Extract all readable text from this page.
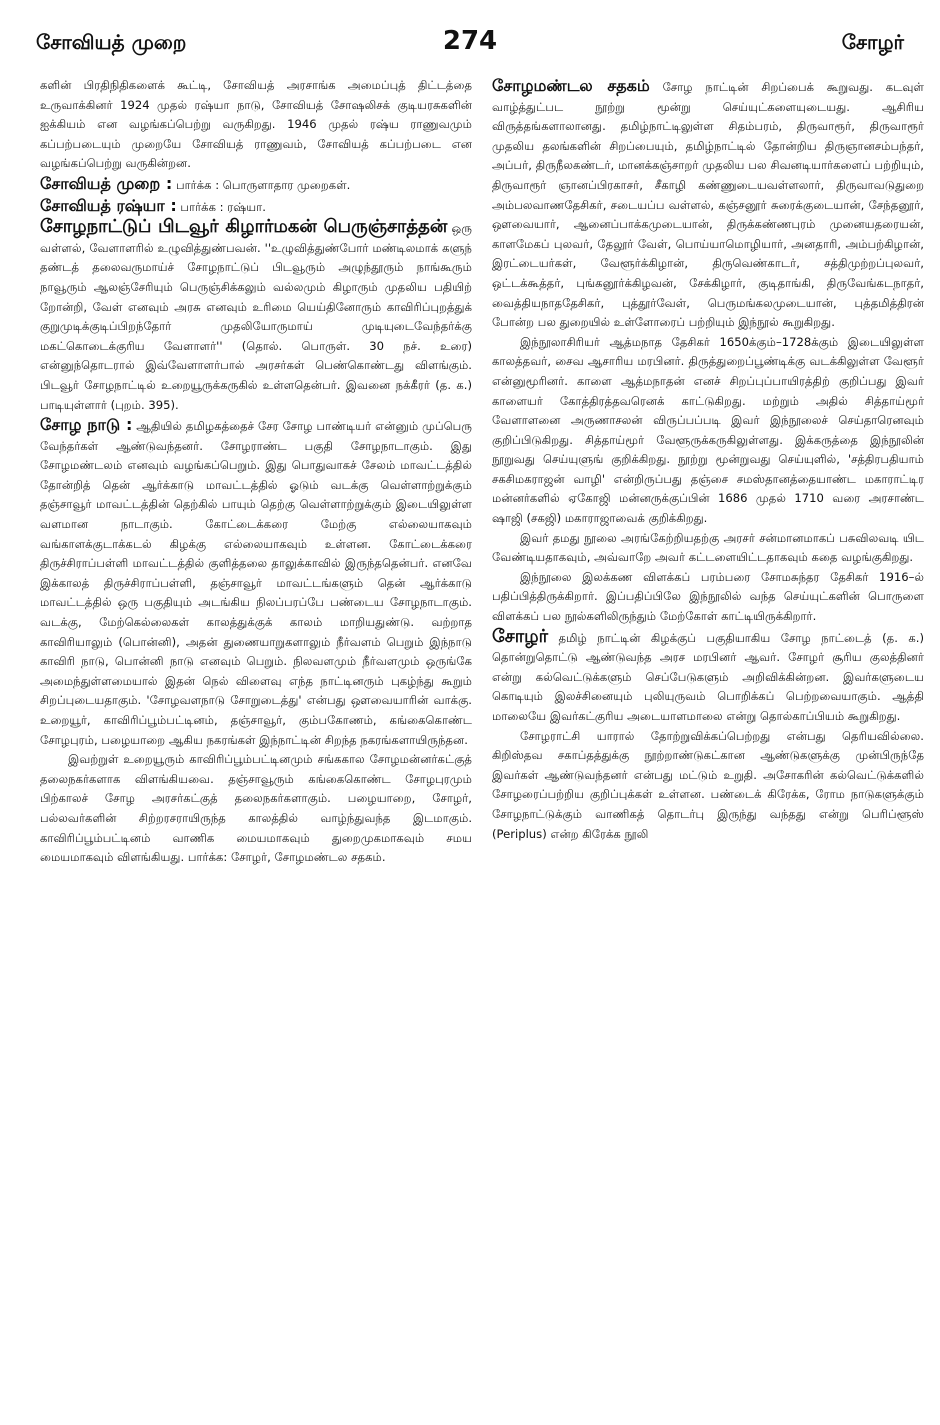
சோவியத் முறை	274	சோழர்

களின் பிரதிநிதிகளைக் கூட்டி, சோவியத் அரசாங்க அமைப்புத் திட்டத்தை உருவாக்கினர் 1924 முதல் ரஷ்யா நாடு, சோவியத் சோஷலிசக் குடியரசுகளின் ஐக்கியம் என வழங்கப்பெற்று வருகிறது. 1946 முதல் ரஷ்ய ராணுவமும் கப்பற்படையும் முறையே சோவியத் ராணுவம், சோவியத் கப்பற்படை என வழங்கப்பெற்று வருகின்றன.

சோவியத் முறை : பார்க்க : பொருளாதார முறைகள்.

சோவியத் ரஷ்யா : பார்க்க : ரஷ்யா.

சோழநாட்டுப் பிடவூர் கிழார்மகன் பெருஞ்சாத்தன் ஒரு வள்ளல், வேளாளரில் உழுவித்துண்பவன். ''உழுவித்துண்போர் மண்டிலமாக் களுந் தண்டத் தலைவருமாய்ச் சோழநாட்டுப் பிடவூரும் அழுந்தூரும் நாங்கூரும் நாவூரும் ஆலஞ்சேரியும் பெருஞ்சிக்கலும் வல்லமும் கிழாரும் முதலிய பதியிற் றோன்றி, வேள் எனவும் அரசு எனவும் உரிமை யெய்தினோரும் காவிரிப்புறத்துக் குறுமுடிக்குடிப்பிறந்தோர் முதலியோருமாய் முடியுடைவேந்தர்க்கு மகட்கொடைக்குரிய வேளாளர்'' (தொல். பொருள். 30 நச். உரை) என்னுந்தொடரால் இவ்வேளாளர்பால் அரசர்கள் பெண்கொண்டது விளங்கும். பிடவூர் சோழநாட்டில் உறையூருக்கருகில் உள்ளதென்பர். இவனை நக்கீரர் (த. க.) பாடியுள்ளார் (புறம். 395).

சோழ நாடு : ஆதியில் தமிழகத்தைச் சேர சோழ பாண்டியர் என்னும் முப்பெரு வேந்தர்கள் ஆண்டுவந்தனர். சோழராண்ட பகுதி சோழநாடாகும். இது சோழமண்டலம் எனவும் வழங்கப்பெறும். இது பொதுவாகச் சேலம் மாவட்டத்தில் தோன்றித் தென் ஆர்க்காடு மாவட்டத்தில் ஓடும் வடக்கு வெள்ளாற்றுக்கும் தஞ்சாவூர் மாவட்டத்தின் தெற்கில் பாயும் தெற்கு வெள்ளாற்றுக்கும் இடையிலுள்ள வளமான நாடாகும். கோட்டைக்கரை மேற்கு எல்லையாகவும் வங்காளக்குடாக்கடல் கிழக்கு எல்லையாகவும் உள்ளன. கோட்டைக்கரை திருச்சிராப்பள்ளி மாவட்டத்தில் குளித்தலை தாலுக்காவில் இருந்ததென்பர். எனவே இக்காலத் திருச்சிராப்பள்ளி, தஞ்சாவூர் மாவட்டங்களும் தென் ஆர்க்காடு மாவட்டத்தில் ஒரு பகுதியும் அடங்கிய நிலப்பரப்பே பண்டைய சோழநாடாகும். வடக்கு, மேற்கெல்லைகள் காலத்துக்குக் காலம் மாறியதுண்டு. வற்றாத காவிரியாலும் (பொன்னி), அதன் துணையாறுகளாலும் நீர்வளம் பெறும் இந்நாடு காவிரி நாடு, பொன்னி நாடு எனவும் பெறும். நிலவளமும் நீர்வளமும் ஒருங்கே அமைந்துள்ளமையால் இதன் நெல் விளைவு எந்த நாட்டினரும் புகழ்ந்து கூறும் சிறப்புடையதாகும். 'சோழவளநாடு சோறுடைத்து' என்பது ஔவையாரின் வாக்கு. உறையூர், காவிரிப்பூம்பட்டினம், தஞ்சாவூர், கும்பகோணம், கங்கைகொண்ட சோழபுரம், பழையாறை ஆகிய நகரங்கள் இந்நாட்டின் சிறந்த நகரங்களாயிருந்தன.

இவற்றுள் உறையூரும் காவிரிப்பூம்பட்டினமும் சங்ககால சோழமன்னர்கட்குத் தலைநகர்களாக விளங்கியவை. தஞ்சாவூரும் கங்கைகொண்ட சோழபுரமும் பிற்காலச் சோழ அரசர்கட்குத் தலைநகர்களாகும். பழையாறை, சோழர், பல்லவர்களின் சிற்றரசராயிருந்த காலத்தில் வாழ்ந்துவந்த இடமாகும். காவிரிப்பூம்பட்டினம் வாணிக மையமாகவும் துறைமுகமாகவும் சமய மையமாகவும் விளங்கியது. பார்க்க: சோழர், சோழமண்டல சதகம்.

சோழமண்டல சதகம் சோழ நாட்டின் சிறப்பைக் கூறுவது. கடவுள் வாழ்த்துட்பட நூற்று மூன்று செய்யுட்களையுடையது. ஆசிரிய விருத்தங்களாலானது. தமிழ்நாட்டிலுள்ள சிதம்பரம், திருவாரூர், திருவாரூர் முதலிய தலங்களின் சிறப்பையும், தமிழ்நாட்டில் தோன்றிய திருஞானசம்பந்தர், அப்பர், திருநீலகண்டர், மானக்கஞ்சாறர் முதலிய பல சிவனடியார்களைப் பற்றியும், திருவாரூர் ஞானப்பிரகாசர், சீகாழி கண்ணுடையவள்ளலார், திருவாவடுதுறை அம்பலவாணதேசிகர், சடையப்ப வள்ளல், கஞ்சனூர் சுரைக்குடையான், சேந்தனூர், ஔவையார், ஆனைப்பாக்கமுடையான், திருக்கண்ணபுரம் முனையதரையன், காளமேகப் புலவர், தேலூர் வேள், பொய்யாமொழியார், அனதாரி, அம்பற்கிழான், இரட்டையர்கள், வேளூர்க்கிழான், திருவெண்காடர், சத்திமுற்றப்புலவர், ஒட்டக்கூத்தர், புங்கனூர்க்கிழவன், சேக்கிழார், குடிதாங்கி, திருவேங்கடநாதர், வைத்தியநாததேசிகர், புத்தூர்வேள், பெருமங்கலமுடையான், புத்தமித்திரன் போன்ற பல துறையில் உள்ளோரைப் பற்றியும் இந்நூல் கூறுகிறது.

இந்நூலாசிரியர் ஆத்மநாத தேசிகர் 1650க்கும்–1728க்கும் இடையிலுள்ள காலத்தவர், சைவ ஆசாரிய மரபினர். திருத்துறைப்பூண்டிக்கு வடக்கிலுள்ள வேளூர் என்னுமூரினர். காளை ஆத்மநாதன் எனச் சிறப்புப்பாயிரத்திற் குறிப்பது இவர் காளையர் கோத்திரத்தவரெனக் காட்டுகிறது. மற்றும் அதில் சித்தாய்மூர் வேளாளனை அருணாசலன் விருப்பப்படி இவர் இந்நூலைச் செய்தாரெனவும் குறிப்பிடுகிறது. சித்தாய்மூர் வேளூருக்கருகிலுள்ளது. இக்கருத்தை இந்நூலின் நூறுவது செய்யுளுங் குறிக்கிறது. நூற்று மூன்றுவது செய்யுளில், 'சத்திரபதியாம் சகசிமகராஜன் வாழி' என்றிருப்பது தஞ்சை சமஸ்தானத்தையாண்ட மகாராட்டிர மன்னர்களில் ஏகோஜி மன்னருக்குப்பின் 1686 முதல் 1710 வரை அரசாண்ட ஷாஜி (சகஜி) மகாராஜாவைக் குறிக்கிறது.

இவர் தமது நூலை அரங்கேற்றியதற்கு அரசர் சன்மானமாகப் பசுவிலவடி யிட வேண்டியதாகவும், அவ்வாறே அவர் கட்டளையிட்டதாகவும் கதை வழங்குகிறது.

இந்நூலை இலக்கண விளக்கப் பரம்பரை சோமசுந்தர தேசிகர் 1916–ல் பதிப்பித்திருக்கிறார். இப்பதிப்பிலே இந்நூலில் வந்த செய்யுட்களின் பொருளை விளக்கப் பல நூல்களிலிருந்தும் மேற்கோள் காட்டியிருக்கிறார்.

சோழர் தமிழ் நாட்டின் கிழக்குப் பகுதியாகிய சோழ நாட்டைத் (த. க.) தொன்றுதொட்டு ஆண்டுவந்த அரச மரபினர் ஆவர். சோழர் சூரிய குலத்தினர் என்று கல்வெட்டுக்களும் செப்பேடுகளும் அறிவிக்கின்றன. இவர்களுடைய கொடியும் இலச்சினையும் புலியுருவம் பொறிக்கப் பெற்றவையாகும். ஆத்தி மாலையே இவர்கட்குரிய அடையாளமாலை என்று தொல்காப்பியம் கூறுகிறது.

சோழராட்சி யாரால் தோற்றுவிக்கப்பெற்றது என்பது தெரியவில்லை. கிறிஸ்தவ சகாப்தத்துக்கு நூற்றாண்டுகட்கான ஆண்டுகளுக்கு முன்பிருந்தே இவர்கள் ஆண்டுவந்தனர் என்பது மட்டும் உறுதி. அசோகரின் கல்வெட்டுக்களில் சோழரைப்பற்றிய குறிப்புக்கள் உள்ளன. பண்டைக் கிரேக்க, ரோம நாடுகளுக்கும் சோழநாட்டுக்கும் வாணிகத் தொடர்பு இருந்து வந்தது என்று பெரிப்ளூஸ் (Periplus) என்ற கிரேக்க நூலி
